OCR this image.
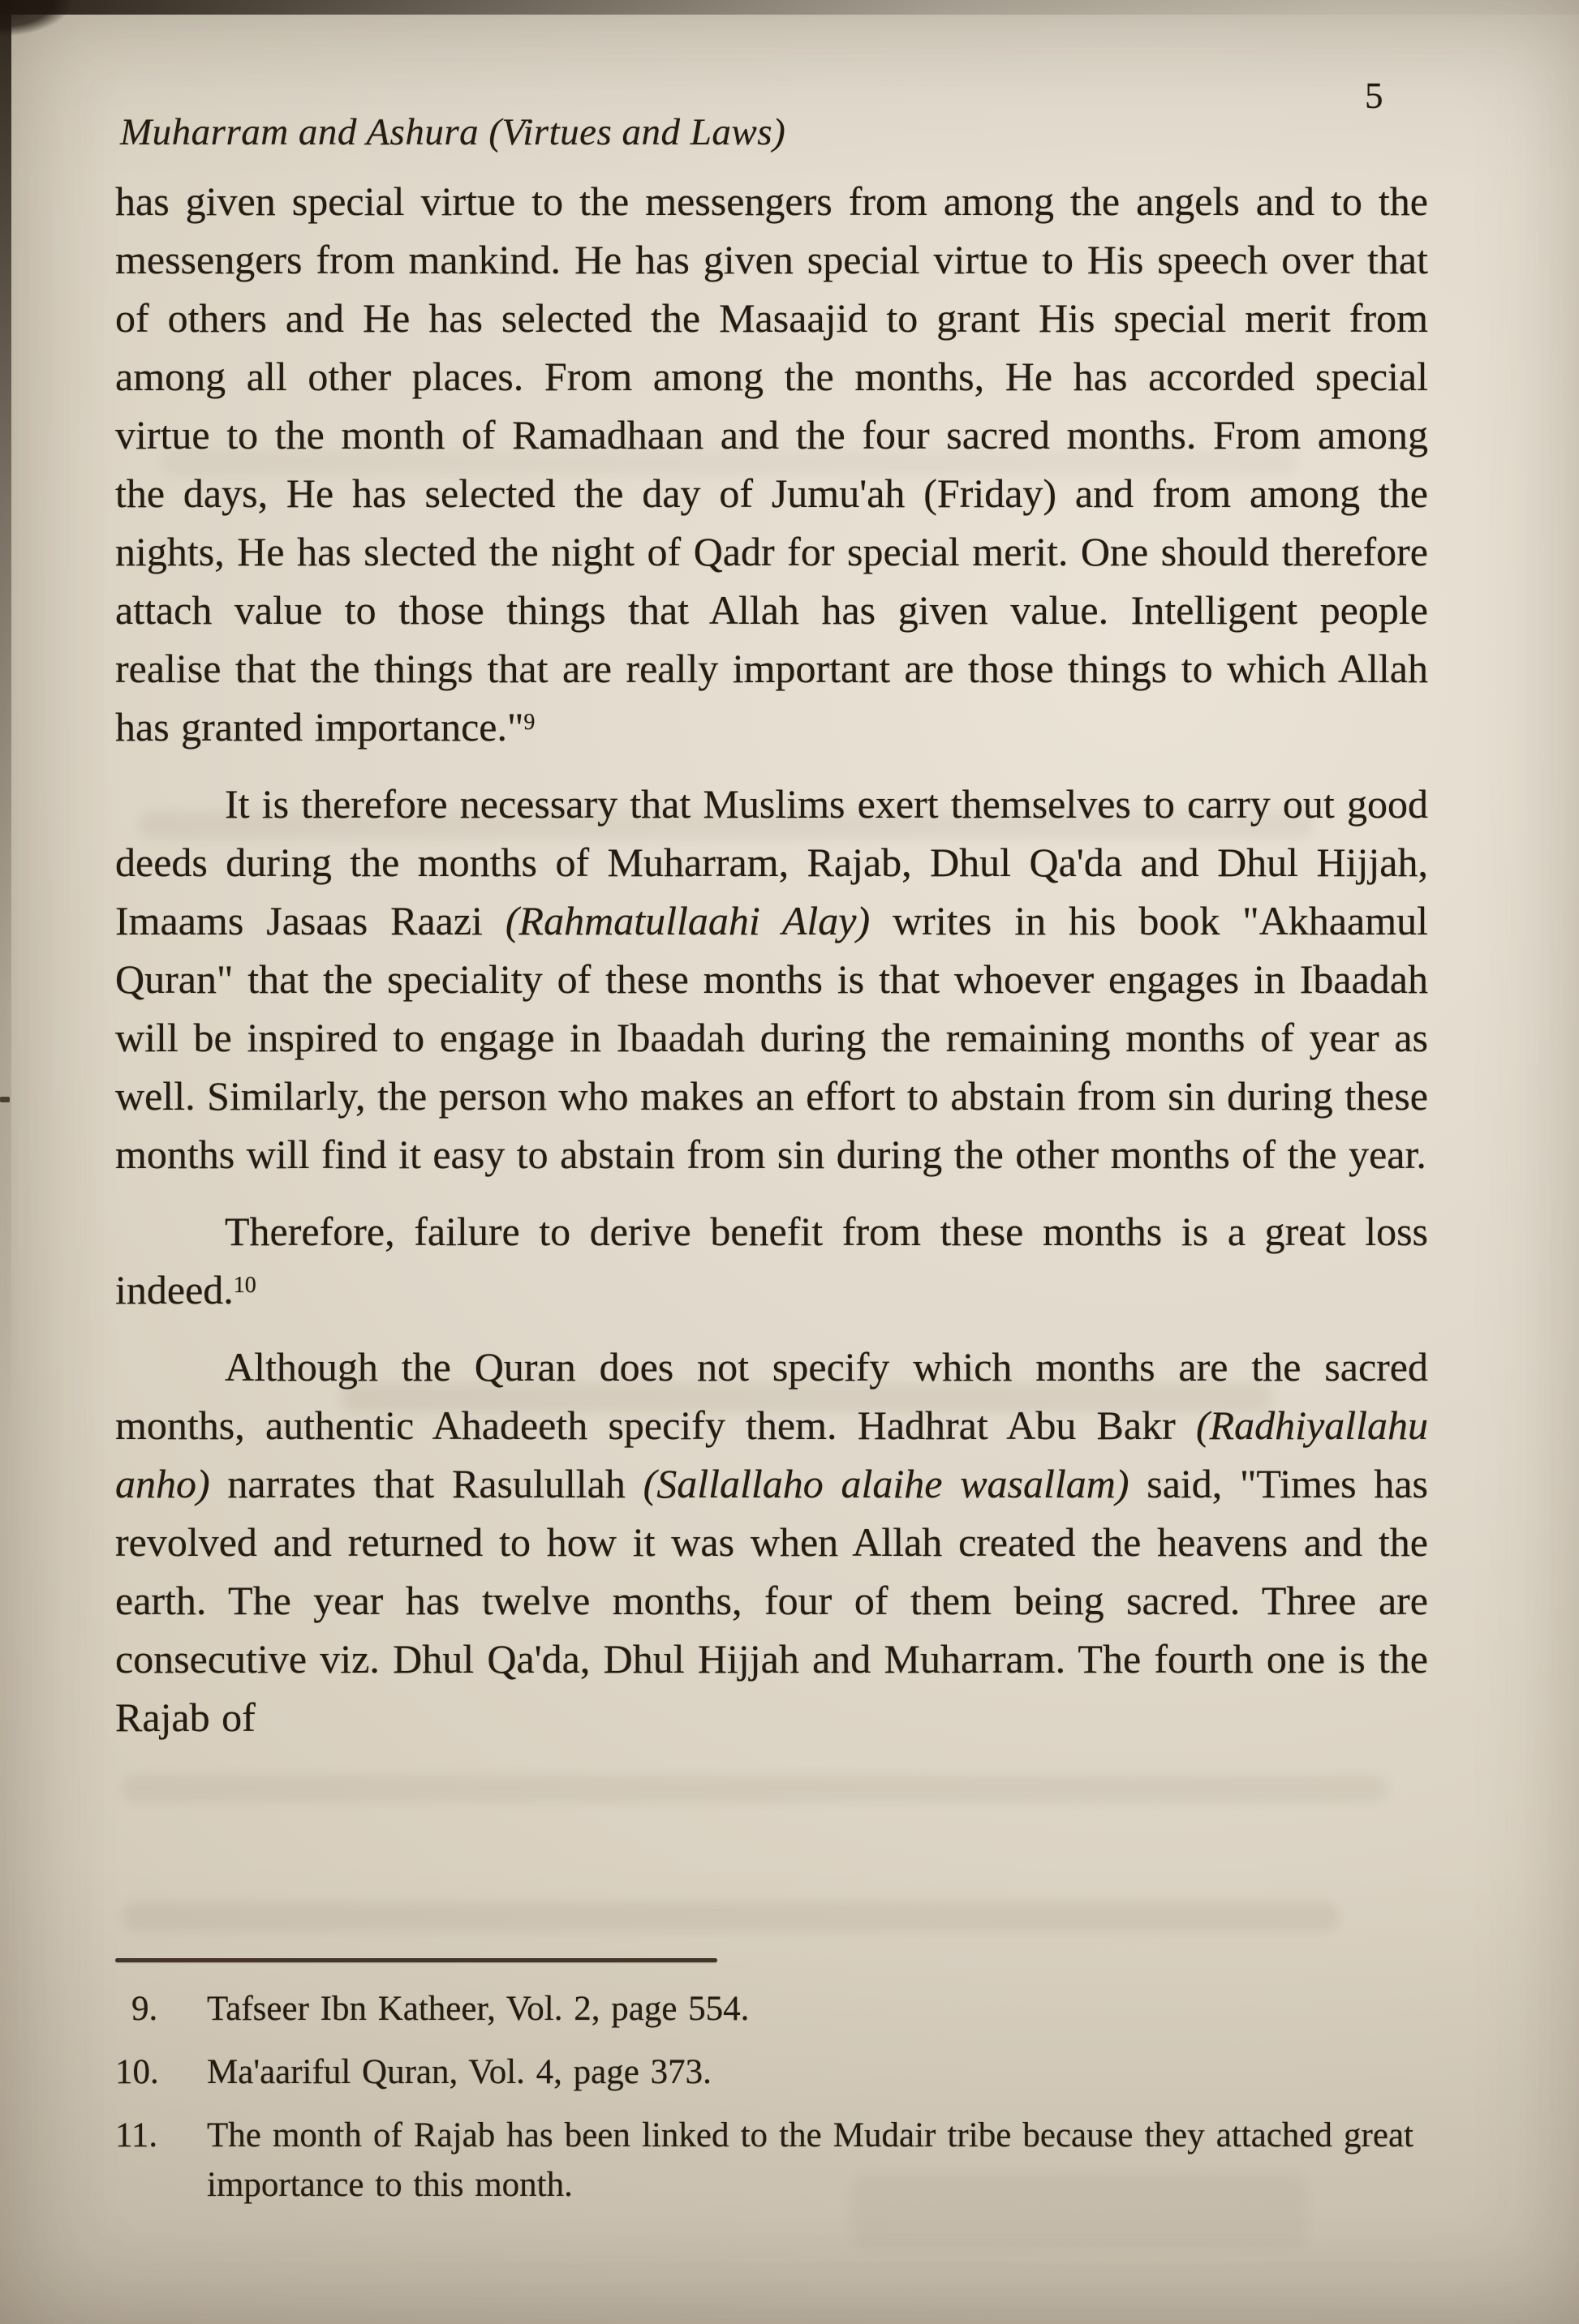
Muharram and Ashura (Virtues and Laws)
5

has given special virtue to the messengers from among the angels and to the messengers from mankind. He has given special virtue to His speech over that of others and He has selected the Masaajid to grant His special merit from among all other places. From among the months, He has accorded special virtue to the month of Ramadhaan and the four sacred months. From among the days, He has selected the day of Jumu'ah (Friday) and from among the nights, He has slected the night of Qadr for special merit. One should therefore attach value to those things that Allah has given value. Intelligent people realise that the things that are really important are those things to which Allah has granted importance."$^9$

It is therefore necessary that Muslims exert themselves to carry out good deeds during the months of Muharram, Rajab, Dhul Qa'da and Dhul Hijjah, Imaams Jasaas Raazi (Rahmatullaahi Alay) writes in his book "Akhaamul Quran" that the speciality of these months is that whoever engages in Ibaadah will be inspired to engage in Ibaadah during the remaining months of year as well. Similarly, the person who makes an effort to abstain from sin during these months will find it easy to abstain from sin during the other months of the year.

Therefore, failure to derive benefit from these months is a great loss indeed.$^{10}$

Although the Quran does not specify which months are the sacred months, authentic Ahadeeth specify them. Hadhrat Abu Bakr (Radhiyallahu anho) narrates that Rasulullah (Sallallaho alaihe wasallam) said, "Times has revolved and returned to how it was when Allah created the heavens and the earth. The year has twelve months, four of them being sacred. Three are consecutive viz. Dhul Qa'da, Dhul Hijjah and Muharram. The fourth one is the Rajab of

9.	Tafseer Ibn Katheer, Vol. 2, page 554.
10.	Ma'aariful Quran, Vol. 4, page 373.
11.	The month of Rajab has been linked to the Mudair tribe because they attached great importance to this month.
